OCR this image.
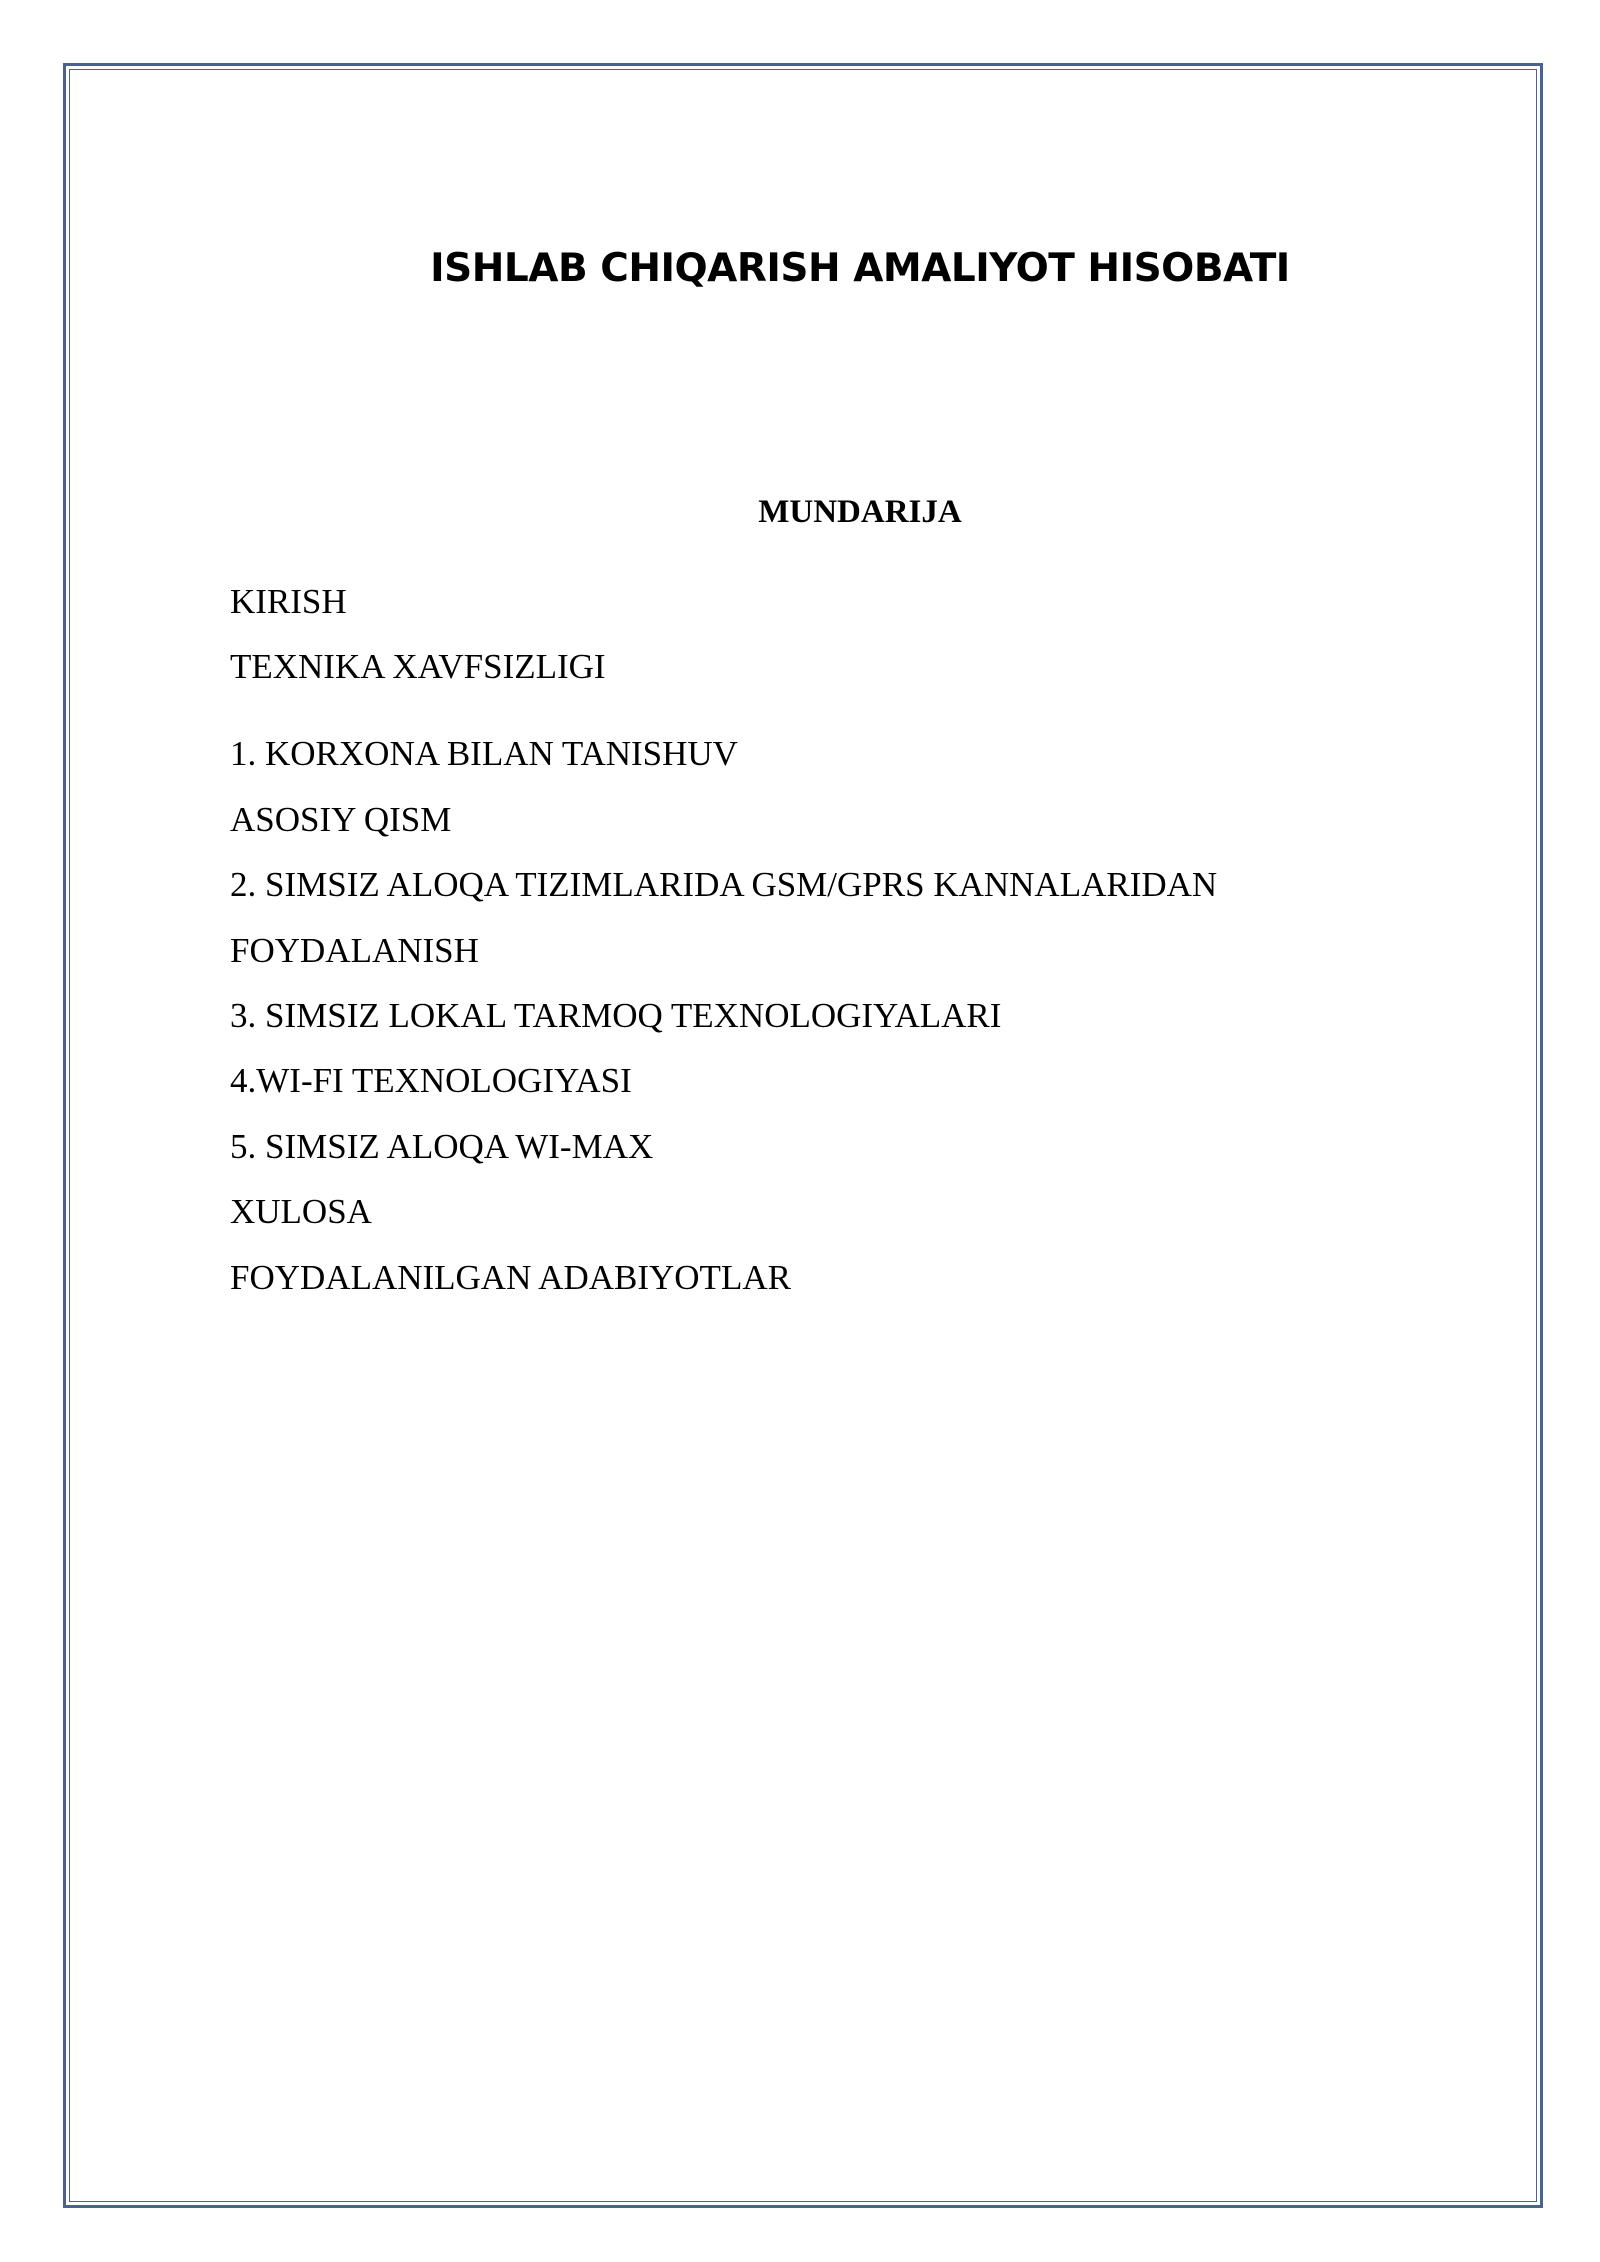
ISHLAB CHIQARISH AMALIYOT HISOBATI
MUNDARIJA
KIRISH
TEXNIKA XAVFSIZLIGI
1. KORXONA BILAN TANISHUV
ASOSIY QISM
2. SIMSIZ ALOQA TIZIMLARIDA GSM/GPRS KANNALARIDAN
FOYDALANISH
3. SIMSIZ LOKAL TARMOQ TEXNOLOGIYALARI
4.WI-FI TEXNOLOGIYASI
5. SIMSIZ ALOQA WI-MAX
XULOSA
FOYDALANILGAN ADABIYOTLAR
